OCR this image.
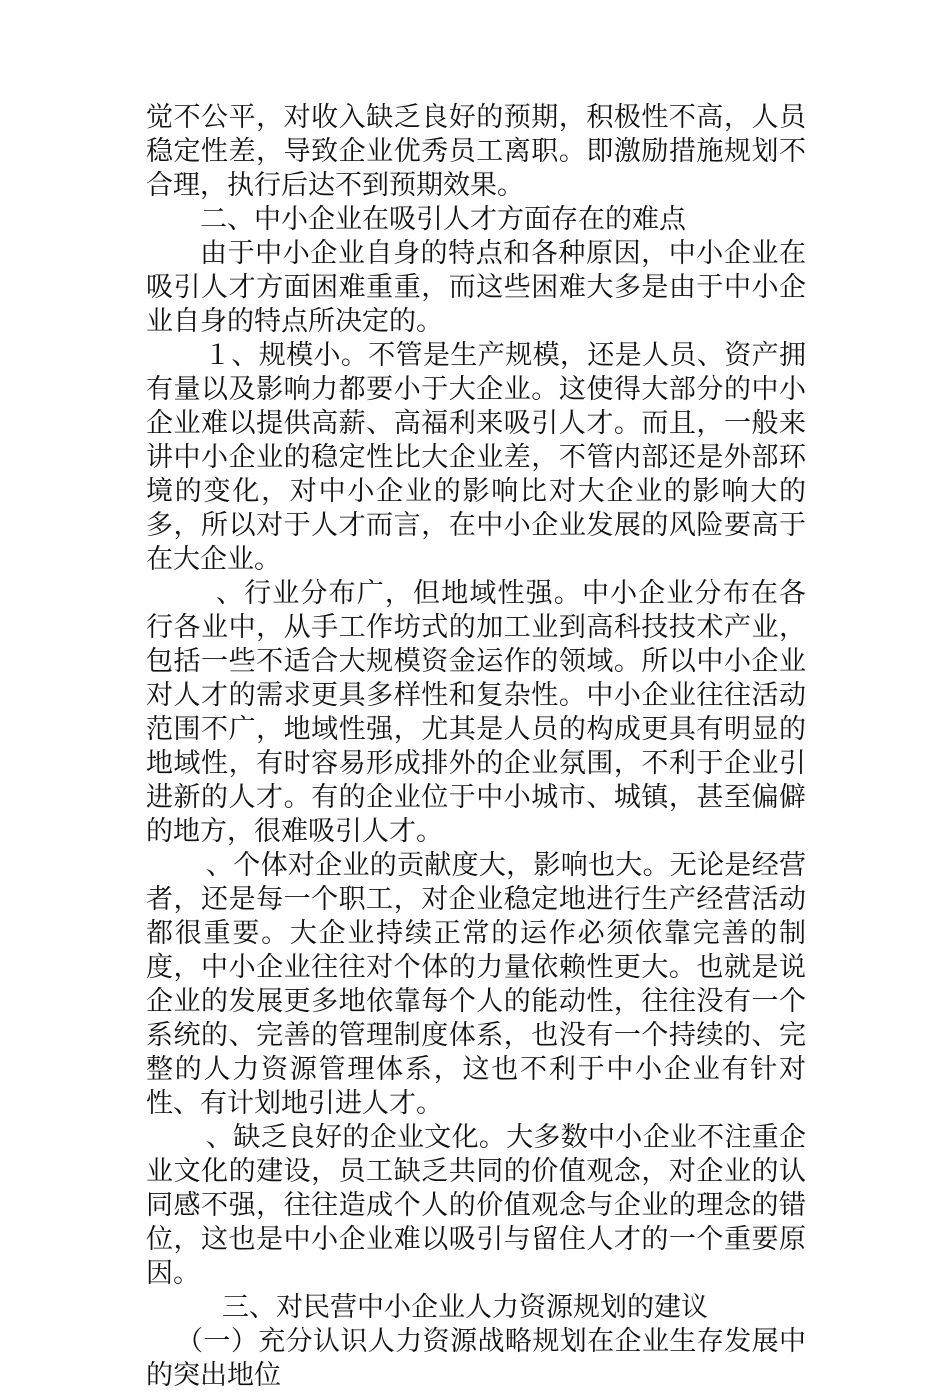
觉不公平，对收入缺乏良好的预期，积极性不高，人员稳定性差，导致企业优秀员工离职。即激励措施规划不合理，执行后达不到预期效果。

二、中小企业在吸引人才方面存在的难点

由于中小企业自身的特点和各种原因，中小企业在吸引人才方面困难重重，而这些困难大多是由于中小企业自身的特点所决定的。

１、规模小。不管是生产规模，还是人员、资产拥有量以及影响力都要小于大企业。这使得大部分的中小企业难以提供高薪、高福利来吸引人才。而且，一般来讲中小企业的稳定性比大企业差，不管内部还是外部环境的变化，对中小企业的影响比对大企业的影响大的多，所以对于人才而言，在中小企业发展的风险要高于在大企业。

、行业分布广，但地域性强。中小企业分布在各行各业中，从手工作坊式的加工业到高科技技术产业，包括一些不适合大规模资金运作的领域。所以中小企业对人才的需求更具多样性和复杂性。中小企业往往活动范围不广，地域性强，尤其是人员的构成更具有明显的地域性，有时容易形成排外的企业氛围，不利于企业引进新的人才。有的企业位于中小城市、城镇，甚至偏僻的地方，很难吸引人才。

、个体对企业的贡献度大，影响也大。无论是经营者，还是每一个职工，对企业稳定地进行生产经营活动都很重要。大企业持续正常的运作必须依靠完善的制度，中小企业往往对个体的力量依赖性更大。也就是说企业的发展更多地依靠每个人的能动性，往往没有一个系统的、完善的管理制度体系，也没有一个持续的、完整的人力资源管理体系，这也不利于中小企业有针对性、有计划地引进人才。

、缺乏良好的企业文化。大多数中小企业不注重企业文化的建设，员工缺乏共同的价值观念，对企业的认同感不强，往往造成个人的价值观念与企业的理念的错位，这也是中小企业难以吸引与留住人才的一个重要原因。

三、对民营中小企业人力资源规划的建议

（一）充分认识人力资源战略规划在企业生存发展中的突出地位
